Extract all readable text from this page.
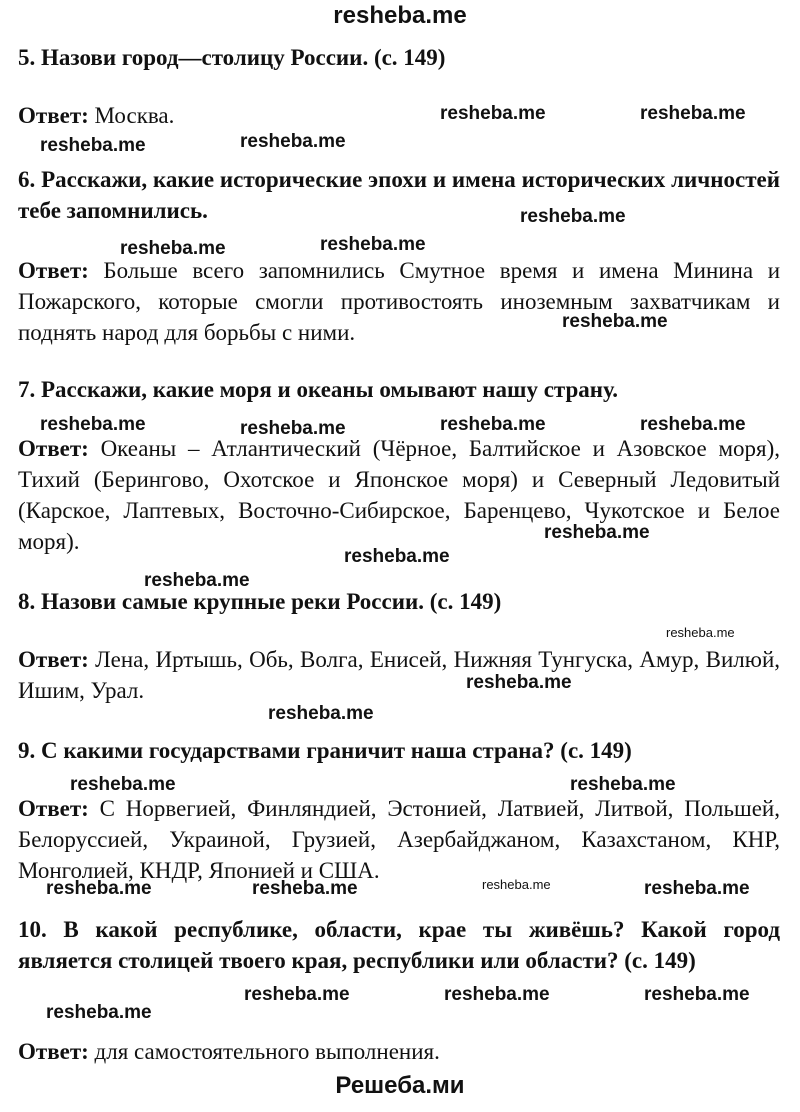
resheba.me
5. Назови город—столицу России. (с. 149)
Ответ: Москва.
6. Расскажи, какие исторические эпохи и имена исторических личностей тебе запомнились.
Ответ: Больше всего запомнились Смутное время и имена Минина и Пожарского, которые смогли противостоять иноземным захватчикам и поднять народ для борьбы с ними.
7. Расскажи, какие моря и океаны омывают нашу страну.
Ответ: Океаны – Атлантический (Чёрное, Балтийское и Азовское моря), Тихий (Берингово, Охотское и Японское моря) и Северный Ледовитый (Карское, Лаптевых, Восточно-Сибирское, Баренцево, Чукотское и Белое моря).
8. Назови самые крупные реки России. (с. 149)
Ответ: Лена, Иртышь, Обь, Волга, Енисей, Нижняя Тунгуска, Амур, Вилюй, Ишим, Урал.
9. С какими государствами граничит наша страна? (с. 149)
Ответ: С Норвегией, Финляндией, Эстонией, Латвией, Литвой, Польшей, Белоруссией, Украиной, Грузией, Азербайджаном, Казахстаном, КНР, Монголией, КНДР, Японией и США.
10. В какой республике, области, крае ты живёшь? Какой город является столицей твоего края, республики или области? (с. 149)
Ответ: для самостоятельного выполнения.
resheba.me	resheba.me
resheba.me	resheba.me
resheba.me
resheba.me	resheba.me
resheba.me
resheba.me	resheba.me	resheba.me	resheba.me
resheba.me
resheba.me
resheba.me
resheba.me
resheba.me
resheba.me
resheba.me	resheba.me
resheba.me	resheba.me	resheba.me	resheba.me
resheba.me	resheba.me	resheba.me
resheba.me
Решеба.ми
